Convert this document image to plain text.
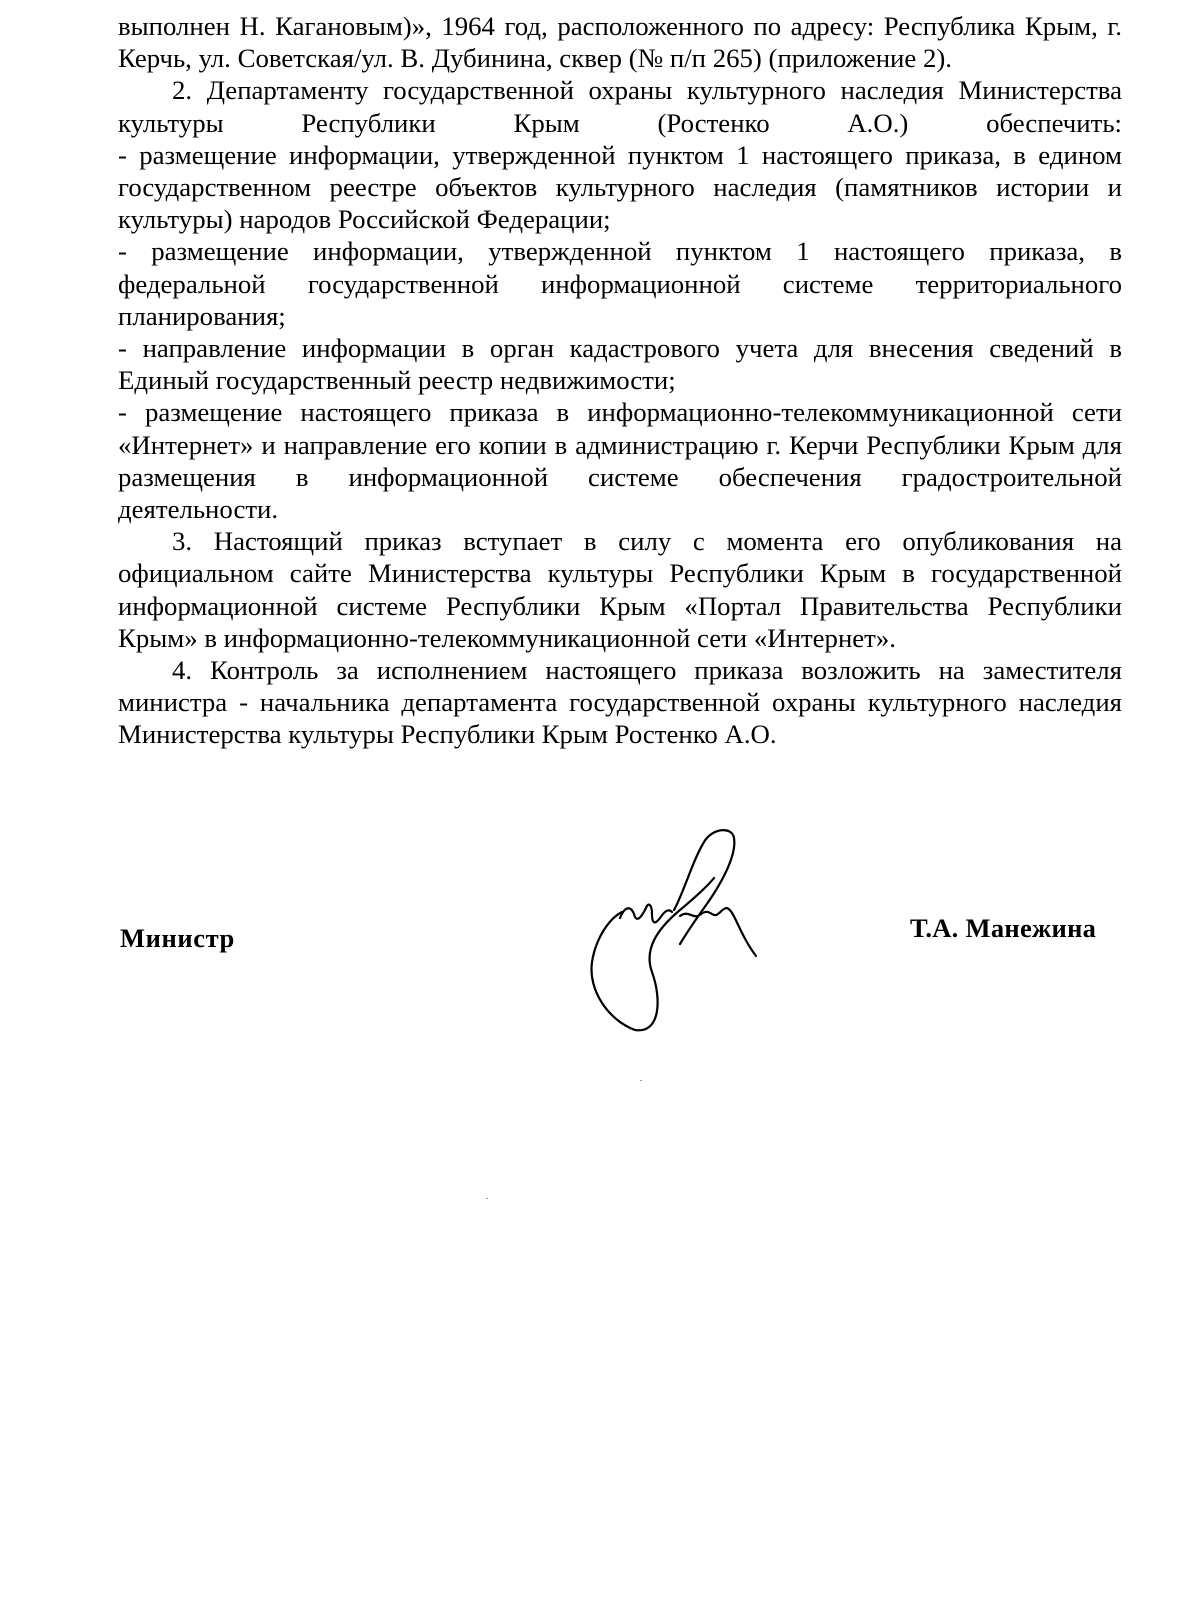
выполнен Н. Кагановым)», 1964 год, расположенного по адресу: Республика Крым, г. Керчь, ул. Советская/ул. В. Дубинина, сквер (№ п/п 265) (приложение 2).

2. Департаменту государственной охраны культурного наследия Министерства культуры Республики Крым (Ростенко А.О.) обеспечить:

- размещение информации, утвержденной пунктом 1 настоящего приказа, в едином государственном реестре объектов культурного наследия (памятников истории и культуры) народов Российской Федерации;

- размещение информации, утвержденной пунктом 1 настоящего приказа, в федеральной государственной информационной системе территориального планирования;

- направление информации в орган кадастрового учета для внесения сведений в Единый государственный реестр недвижимости;

- размещение настоящего приказа в информационно-телекоммуникационной сети «Интернет» и направление его копии в администрацию г. Керчи Республики Крым для размещения в информационной системе обеспечения градостроительной деятельности.

3. Настоящий приказ вступает в силу с момента его опубликования на официальном сайте Министерства культуры Республики Крым в государственной информационной системе Республики Крым «Портал Правительства Республики Крым» в информационно-телекоммуникационной сети «Интернет».

4. Контроль за исполнением настоящего приказа возложить на заместителя министра - начальника департамента государственной охраны культурного наследия Министерства культуры Республики Крым Ростенко А.О.

Министр	Т.А. Манежина
